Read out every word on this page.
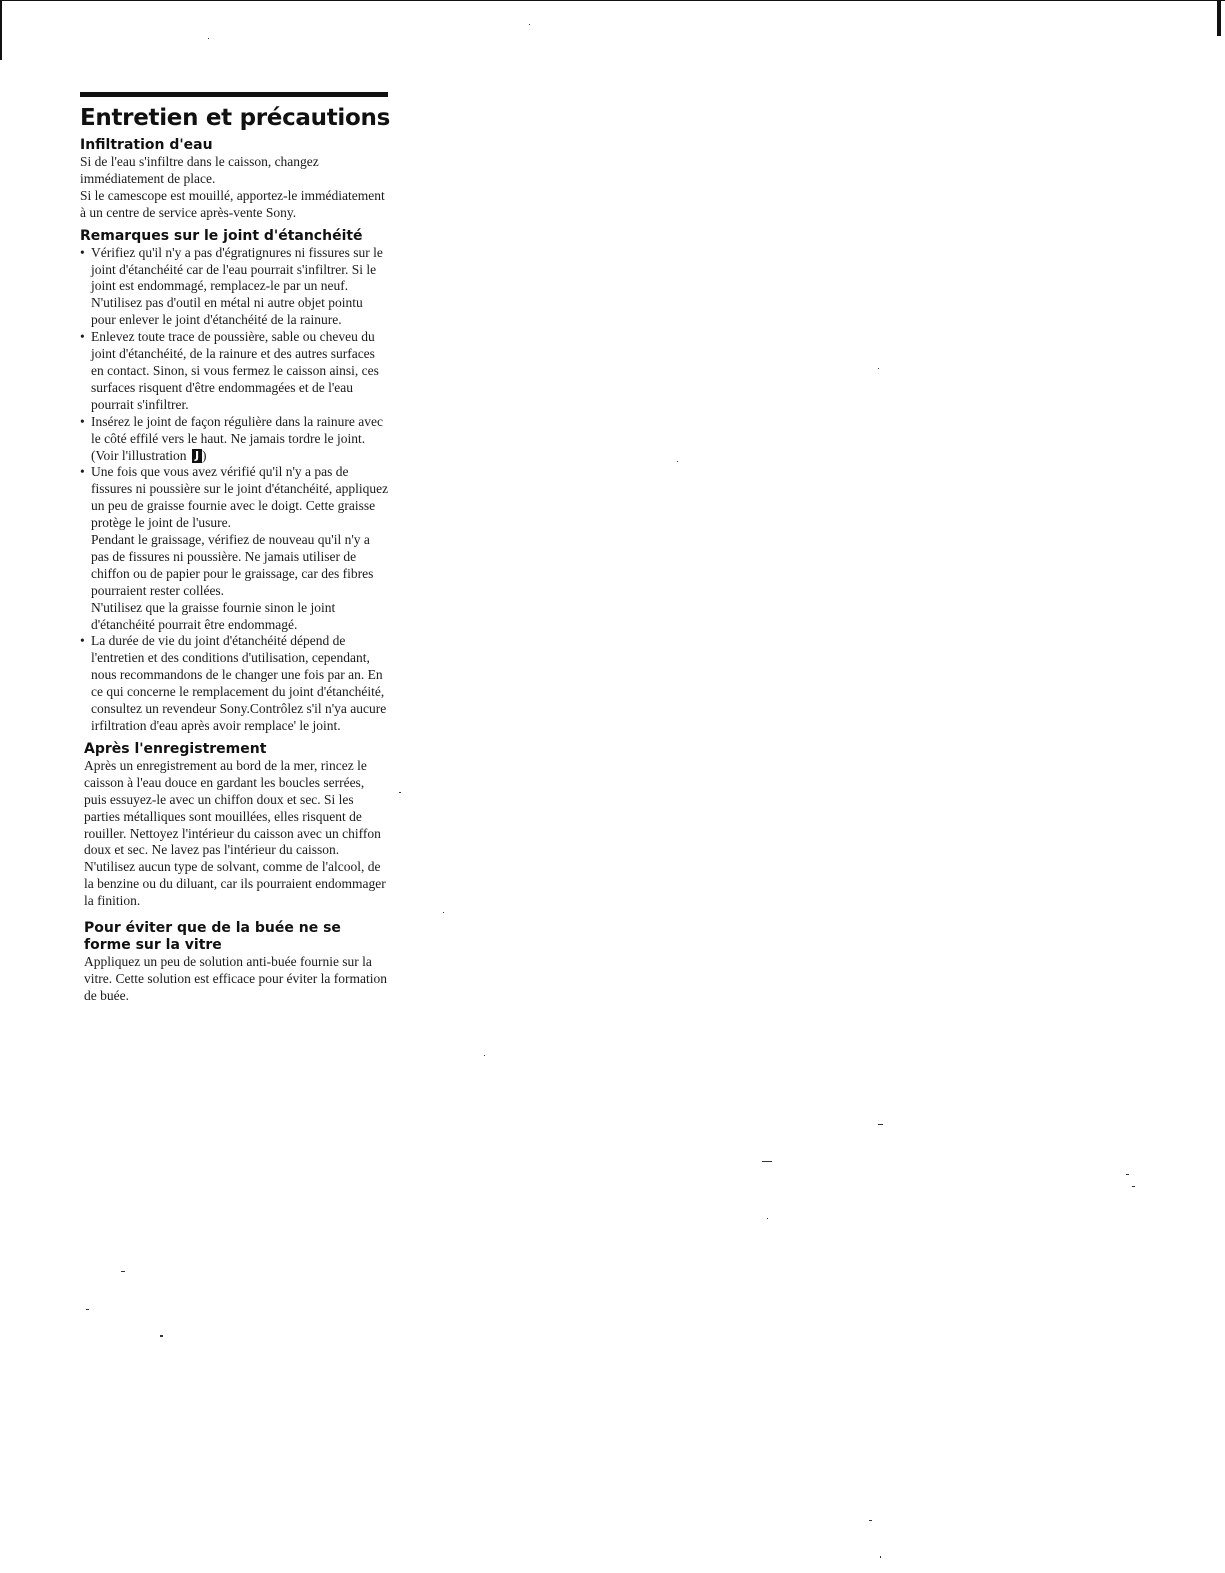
Entretien et précautions
Infiltration d'eau

Si de l'eau s'infiltre dans le caisson, changez immédiatement de place.

Si le camescope est mouillé, apportez-le immédiatement à un centre de service après-vente Sony.

Remarques sur le joint d'étanchéité

• Vérifiez qu'il n'y a pas d'égratignures ni fissures sur le joint d'étanchéité car de l'eau pourrait s'infiltrer. Si le joint est endommagé, remplacez-le par un neuf. N'utilisez pas d'outil en métal ni autre objet pointu pour enlever le joint d'étanchéité de la rainure.

• Enlevez toute trace de poussière, sable ou cheveu du joint d'étanchéité, de la rainure et des autres surfaces en contact. Sinon, si vous fermez le caisson ainsi, ces surfaces risquent d'être endommagées et de l'eau pourrait s'infiltrer.

• Insérez le joint de façon régulière dans la rainure avec le côté effilé vers le haut. Ne jamais tordre le joint. (Voir l'illustration J )

• Une fois que vous avez vérifié qu'il n'y a pas de fissures ni poussière sur le joint d'étanchéité, appliquez un peu de graisse fournie avec le doigt. Cette graisse protège le joint de l'usure.

Pendant le graissage, vérifiez de nouveau qu'il n'y a pas de fissures ni poussière. Ne jamais utiliser de chiffon ou de papier pour le graissage, car des fibres pourraient rester collées.

N'utilisez que la graisse fournie sinon le joint d'étanchéité pourrait être endommagé.

• La durée de vie du joint d'étanchéité dépend de l'entretien et des conditions d'utilisation, cependant, nous recommandons de le changer une fois par an. En ce qui concerne le remplacement du joint d'étanchéité, consultez un revendeur Sony.Contrôlez s'il n'ya aucure irfiltration d'eau après avoir remplace' le joint.

Après l'enregistrement

Après un enregistrement au bord de la mer, rincez le caisson à l'eau douce en gardant les boucles serrées, puis essuyez-le avec un chiffon doux et sec. Si les parties métalliques sont mouillées, elles risquent de rouiller. Nettoyez l'intérieur du caisson avec un chiffon doux et sec. Ne lavez pas l'intérieur du caisson. N'utilisez aucun type de solvant, comme de l'alcool, de la benzine ou du diluant, car ils pourraient endommager la finition.

Pour éviter que de la buée ne se forme sur la vitre

Appliquez un peu de solution anti-buée fournie sur la vitre. Cette solution est efficace pour éviter la formation de buée.
